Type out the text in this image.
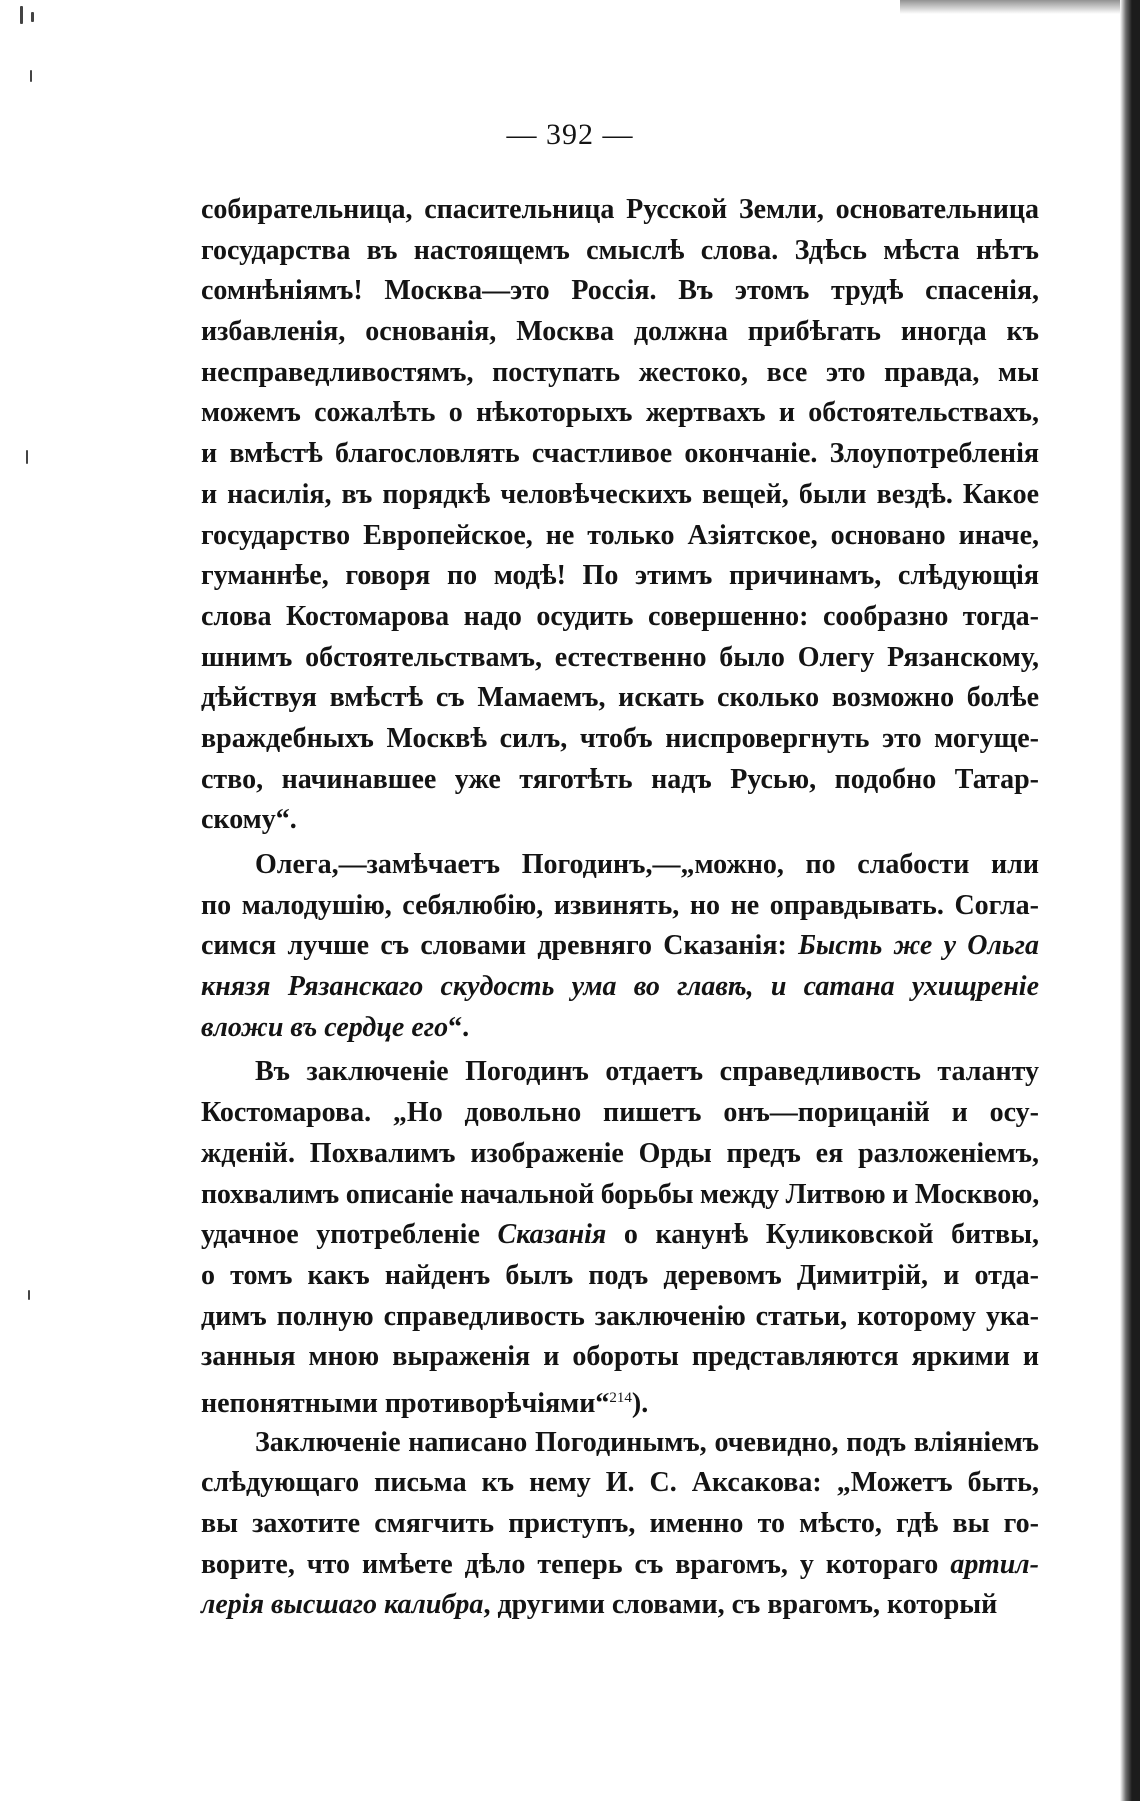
— 392 —
собирательница, спасительница Русской Земли, основательница
государства въ настоящемъ смыслѣ слова. Здѣсь мѣста нѣтъ
сомнѣніямъ! Москва—это Россія. Въ этомъ трудѣ спасенія,
избавленія, основанія, Москва должна прибѣгать иногда къ
несправедливостямъ, поступать жестоко, все это правда, мы
можемъ сожалѣть о нѣкоторыхъ жертвахъ и обстоятельствахъ,
и вмѣстѣ благословлять счастливое окончаніе. Злоупотребленія
и насилія, въ порядкѣ человѣческихъ вещей, были вездѣ. Какое
государство Европейское, не только Азіятское, основано иначе,
гуманнѣе, говоря по модѣ! По этимъ причинамъ, слѣдующія
слова Костомарова надо осудить совершенно: сообразно тогда-
шнимъ обстоятельствамъ, естественно было Олегу Рязанскому,
дѣйствуя вмѣстѣ съ Мамаемъ, искать сколько возможно болѣе
враждебныхъ Москвѣ силъ, чтобъ ниспровергнуть это могуще-
ство, начинавшее уже тяготѣть надъ Русью, подобно Татар-
скому“.
Олега,—замѣчаетъ Погодинъ,—„можно, по слабости или
по малодушію, себялюбію, извинять, но не оправдывать. Согла-
симся лучше съ словами древняго Сказанія: Бысть же у Ольга
князя Рязанскаго скудость ума во главѣ, и сатана ухищреніе
вложи въ сердце его“.
Въ заключеніе Погодинъ отдаетъ справедливость таланту
Костомарова. „Но довольно пишетъ онъ—порицаній и осу-
жденій. Похвалимъ изображеніе Орды предъ ея разложеніемъ,
похвалимъ описаніе начальной борьбы между Литвою и Москвою,
удачное употребленіе Сказанія о канунѣ Куликовской битвы,
о томъ какъ найденъ былъ подъ деревомъ Димитрій, и отда-
димъ полную справедливость заключенію статьи, которому ука-
занныя мною выраженія и обороты представляются яркими и
непонятными противорѣчіями“$^{214}$).
Заключеніе написано Погодинымъ, очевидно, подъ вліяніемъ
слѣдующаго письма къ нему И. С. Аксакова: „Можетъ быть,
вы захотите смягчить приступъ, именно то мѣсто, гдѣ вы го-
ворите, что имѣете дѣло теперь съ врагомъ, у котораго артил-
лерія высшаго калибра, другими словами, съ врагомъ, который
